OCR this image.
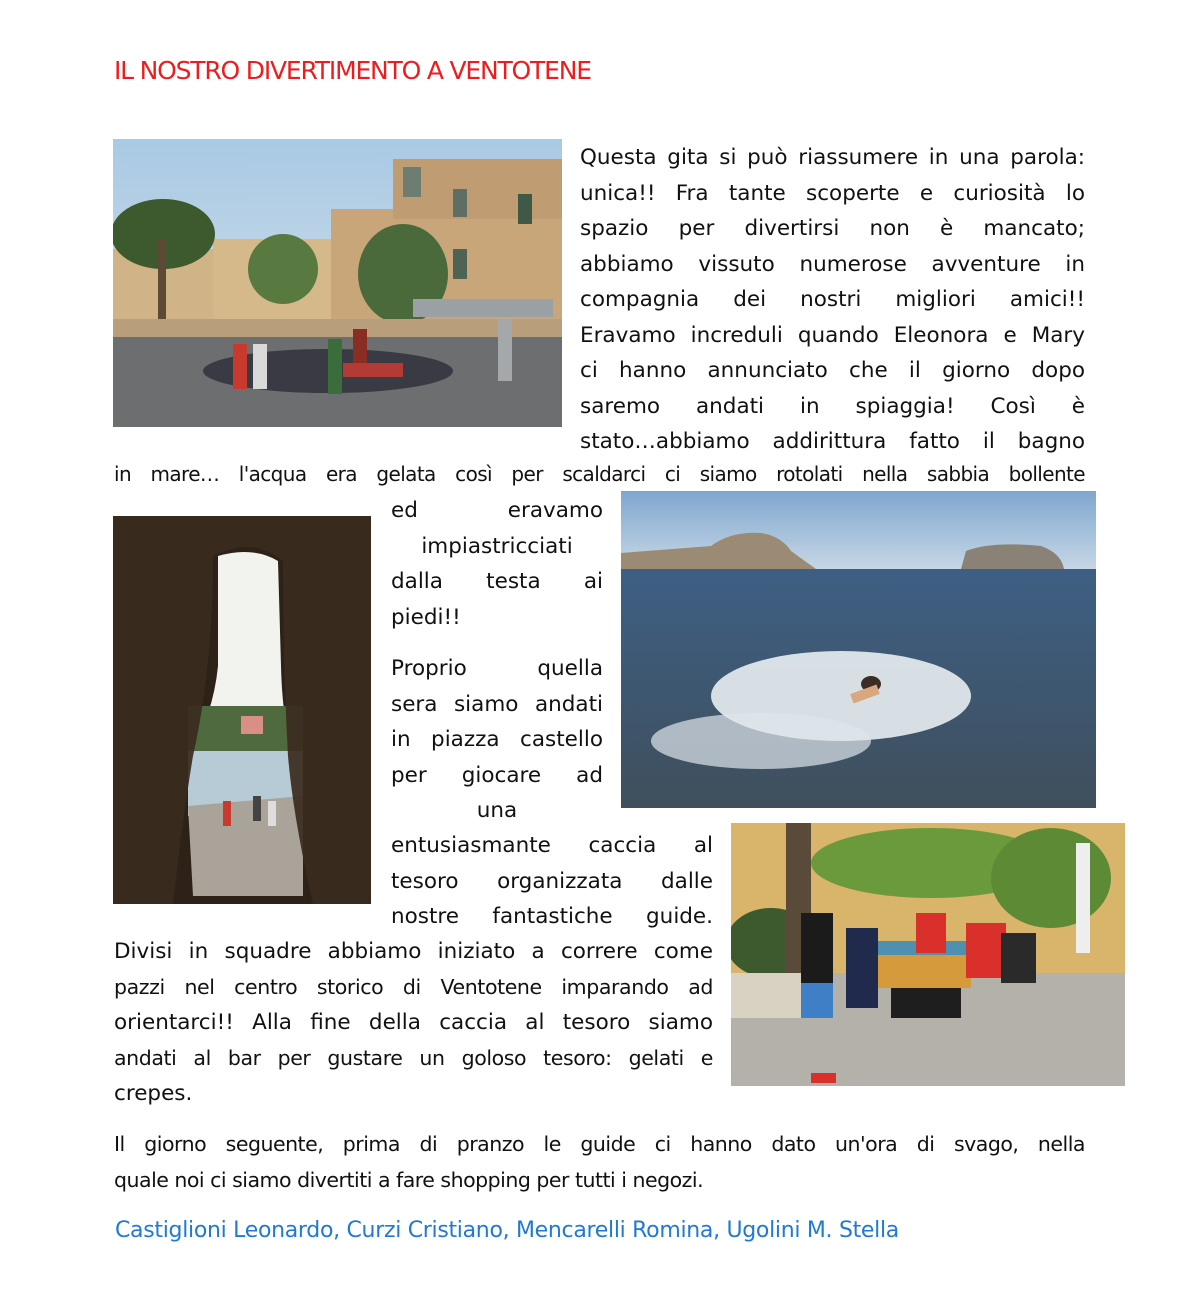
IL NOSTRO DIVERTIMENTO A VENTOTENE
Questa gita si può riassumere in una parola:
unica!! Fra tante scoperte e curiosità lo
spazio per divertirsi non è mancato;
abbiamo vissuto numerose avventure in
compagnia dei nostri migliori amici!!
Eravamo increduli quando Eleonora e Mary
ci hanno annunciato che il giorno dopo
saremo andati in spiaggia! Così è
stato…abbiamo addirittura fatto il bagno
in mare… l'acqua era gelata così per scaldarci ci siamo rotolati nella sabbia bollente
ed eravamo
impiastricciati
dalla testa ai
piedi!!
Proprio quella
sera siamo andati
in piazza castello
per giocare ad
una
entusiasmante caccia al
tesoro organizzata dalle
nostre fantastiche guide.
Divisi in squadre abbiamo iniziato a correre come
pazzi nel centro storico di Ventotene imparando ad
orientarci!! Alla fine della caccia al tesoro siamo
andati al bar per gustare un goloso tesoro: gelati e
crepes.
Il giorno seguente, prima di pranzo le guide ci hanno dato un'ora di svago, nella
quale noi ci siamo divertiti a fare shopping per tutti i negozi.
Castiglioni Leonardo, Curzi Cristiano, Mencarelli Romina, Ugolini M. Stella
